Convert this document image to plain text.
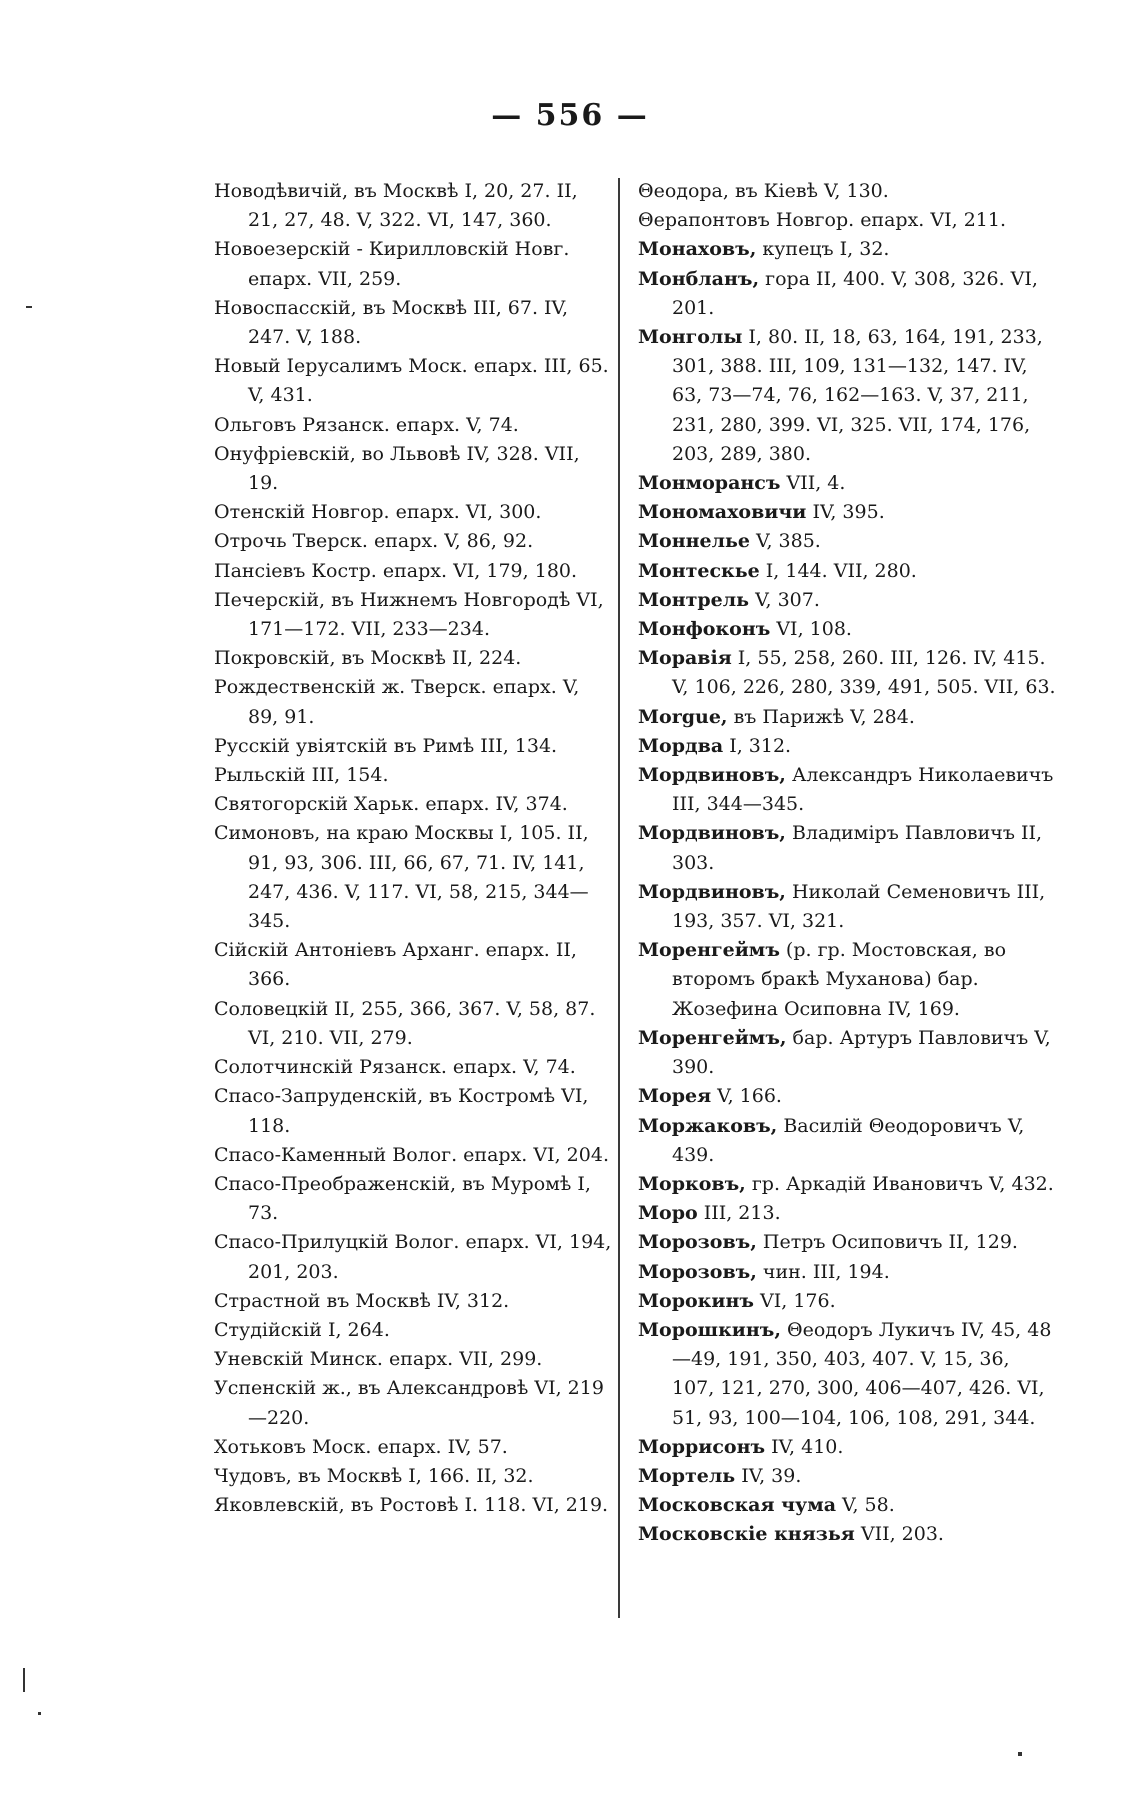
— 556 —

Новодѣвичій, въ Москвѣ I, 20, 27. II, 21, 27, 48. V, 322. VI, 147, 360.

Новоезерскій - Кирилловскій Новг. епарх. VII, 259.

Новоспасскій, въ Москвѣ III, 67. IV, 247. V, 188.

Новый Іерусалимъ Моск. епарх. III, 65. V, 431.

Ольговъ Рязанск. епарх. V, 74.

Онуфріевскій, во Львовѣ IV, 328. VII, 19.

Отенскій Новгор. епарх. VI, 300.

Отрочь Тверск. епарх. V, 86, 92.

Пансіевъ Костр. епарх. VI, 179, 180.

Печерскій, въ Нижнемъ Новгородѣ VI, 171—172. VII, 233—234.

Покровскій, въ Москвѣ II, 224.

Рождественскій ж. Тверск. епарх. V, 89, 91.

Русскій увіятскій въ Римѣ III, 134.

Рыльскій III, 154.

Святогорскій Харьк. епарх. IV, 374.

Симоновъ, на краю Москвы I, 105. II, 91, 93, 306. III, 66, 67, 71. IV, 141, 247, 436. V, 117. VI, 58, 215, 344—345.

Сійскій Антоніевъ Арханг. епарх. II, 366.

Соловецкій II, 255, 366, 367. V, 58, 87. VI, 210. VII, 279.

Солотчинскій Рязанск. епарх. V, 74.

Спасо-Запруденскій, въ Костромѣ VI, 118.

Спасо-Каменный Волог. епарх. VI, 204.

Спасо-Преображенскій, въ Муромѣ I, 73.

Спасо-Прилуцкій Волог. епарх. VI, 194, 201, 203.

Страстной въ Москвѣ IV, 312.

Студійскій I, 264.

Уневскій Минск. епарх. VII, 299.

Успенскій ж., въ Александровѣ VI, 219—220.

Хотьковъ Моск. епарх. IV, 57.

Чудовъ, въ Москвѣ I, 166. II, 32.

Яковлевскій, въ Ростовѣ I. 118. VI, 219.

Θеодора, въ Кіевѣ V, 130.

Θерапонтовъ Новгор. епарх. VI, 211.

Монаховъ, купецъ I, 32.

Монбланъ, гора II, 400. V, 308, 326. VI, 201.

Монголы I, 80. II, 18, 63, 164, 191, 233, 301, 388. III, 109, 131—132, 147. IV, 63, 73—74, 76, 162—163. V, 37, 211, 231, 280, 399. VI, 325. VII, 174, 176, 203, 289, 380.

Монморансъ VII, 4.

Мономаховичи IV, 395.

Моннелье V, 385.

Монтескье I, 144. VII, 280.

Монтрель V, 307.

Монфоконъ VI, 108.

Моравія I, 55, 258, 260. III, 126. IV, 415. V, 106, 226, 280, 339, 491, 505. VII, 63.

Morgue, въ Парижѣ V, 284.

Мордва I, 312.

Мордвиновъ, Александръ Николаевичъ III, 344—345.

Мордвиновъ, Владиміръ Павловичъ II, 303.

Мордвиновъ, Николай Семеновичъ III, 193, 357. VI, 321.

Моренгеймъ (р. гр. Мостовская, во второмъ бракѣ Муханова) бар. Жозефина Осиповна IV, 169.

Моренгеймъ, бар. Артуръ Павловичъ V, 390.

Морея V, 166.

Моржаковъ, Василій Θеодоровичъ V, 439.

Морковъ, гр. Аркадій Ивановичъ V, 432.

Моро III, 213.

Морозовъ, Петръ Осиповичъ II, 129.

Морозовъ, чин. III, 194.

Морокинъ VI, 176.

Морошкинъ, Θеодоръ Лукичъ IV, 45, 48—49, 191, 350, 403, 407. V, 15, 36, 107, 121, 270, 300, 406—407, 426. VI, 51, 93, 100—104, 106, 108, 291, 344.

Моррисонъ IV, 410.

Мортель IV, 39.

Московская чума V, 58.

Московскіе князья VII, 203.
